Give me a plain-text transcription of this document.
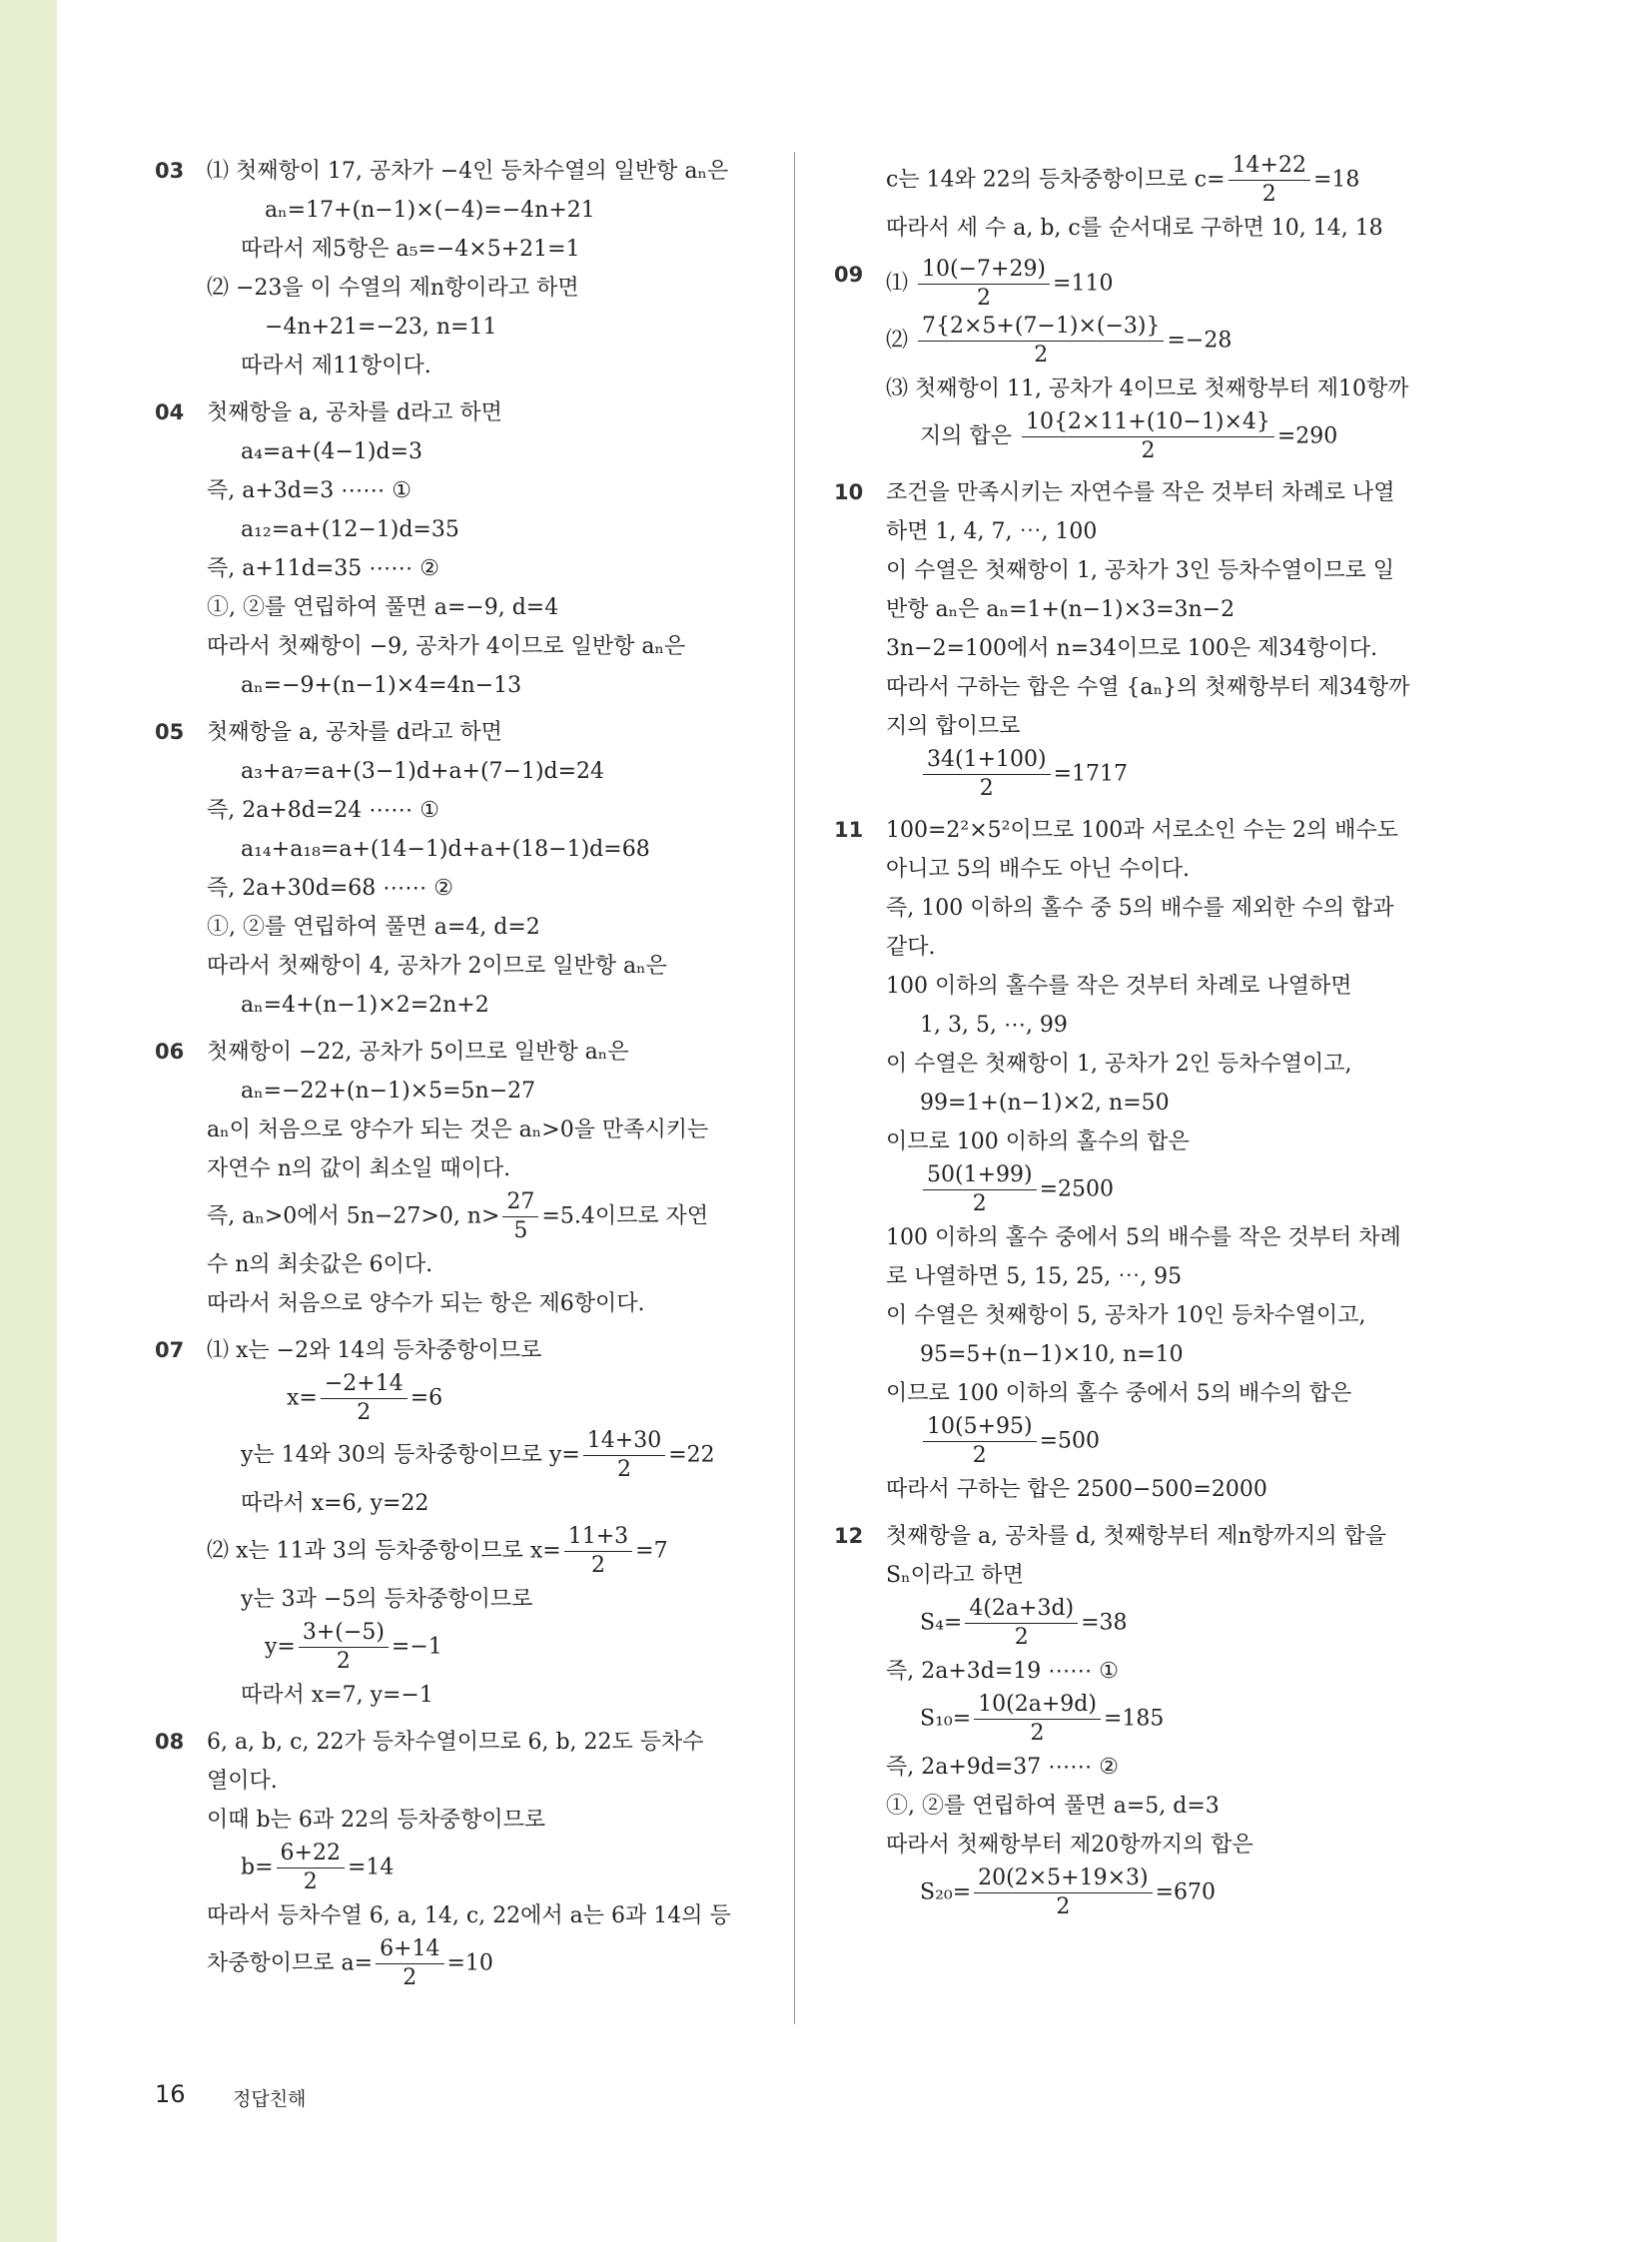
03 ⑴ 첫째항이 17, 공차가 −4인 등차수열의 일반항 aₙ은
aₙ=17+(n−1)×(−4)=−4n+21
따라서 제5항은 a₅=−4×5+21=1
⑵ −23을 이 수열의 제n항이라고 하면
−4n+21=−23, n=11
따라서 제11항이다.
04 첫째항을 a, 공차를 d라고 하면
a₄=a+(4−1)d=3
즉, a+3d=3 ⋯⋯ ①
a₁₂=a+(12−1)d=35
즉, a+11d=35 ⋯⋯ ②
①, ②를 연립하여 풀면 a=−9, d=4
따라서 첫째항이 −9, 공차가 4이므로 일반항 aₙ은
aₙ=−9+(n−1)×4=4n−13
05 첫째항을 a, 공차를 d라고 하면
a₃+a₇=a+(3−1)d+a+(7−1)d=24
즉, 2a+8d=24 ⋯⋯ ①
a₁₄+a₁₈=a+(14−1)d+a+(18−1)d=68
즉, 2a+30d=68 ⋯⋯ ②
①, ②를 연립하여 풀면 a=4, d=2
따라서 첫째항이 4, 공차가 2이므로 일반항 aₙ은
aₙ=4+(n−1)×2=2n+2
06 첫째항이 −22, 공차가 5이므로 일반항 aₙ은
aₙ=−22+(n−1)×5=5n−27
aₙ이 처음으로 양수가 되는 것은 aₙ>0을 만족시키는
자연수 n의 값이 최소일 때이다.
즉, aₙ>0에서 5n−27>0, $n> \frac{27}{5} =5.4$이므로 자연
수 n의 최솟값은 6이다.
따라서 처음으로 양수가 되는 항은 제6항이다.
07 ⑴ x는 −2와 14의 등차중항이므로
$x= \frac{-2+14}{2} =6$
y는 14와 30의 등차중항이므로 $y= \frac{14+30}{2} =22$
따라서 x=6, y=22
⑵ x는 11과 3의 등차중항이므로 $x= \frac{11+3}{2} =7$
y는 3과 −5의 등차중항이므로
$y= \frac{3+(-5)}{2} =-1$
따라서 x=7, y=−1
08 6, a, b, c, 22가 등차수열이므로 6, b, 22도 등차수
열이다.
이때 b는 6과 22의 등차중항이므로
$b= \frac{6+22}{2} =14$
따라서 등차수열 6, a, 14, c, 22에서 a는 6과 14의 등
차중항이므로 $a= \frac{6+14}{2} =10$
c는 14와 22의 등차중항이므로 $c= \frac{14+22}{2} =18$
따라서 세 수 a, b, c를 순서대로 구하면 10, 14, 18
09 ⑴ $\frac{10(-7+29)}{2} =110$
⑵ $\frac{7\{2\times 5+(7-1)\times(-3)\}}{2} =-28$
⑶ 첫째항이 11, 공차가 4이므로 첫째항부터 제10항까
지의 합은 $\frac{10\{2\times 11+(10-1)\times 4\}}{2} =290$
10 조건을 만족시키는 자연수를 작은 것부터 차례로 나열
하면 1, 4, 7, ⋯, 100
이 수열은 첫째항이 1, 공차가 3인 등차수열이므로 일
반항 aₙ은 aₙ=1+(n−1)×3=3n−2
3n−2=100에서 n=34이므로 100은 제34항이다.
따라서 구하는 합은 수열 {aₙ}의 첫째항부터 제34항까
지의 합이므로
$\frac{34(1+100)}{2} =1717$
11 100=2²×5²이므로 100과 서로소인 수는 2의 배수도
아니고 5의 배수도 아닌 수이다.
즉, 100 이하의 홀수 중 5의 배수를 제외한 수의 합과
같다.
100 이하의 홀수를 작은 것부터 차례로 나열하면
1, 3, 5, ⋯, 99
이 수열은 첫째항이 1, 공차가 2인 등차수열이고,
99=1+(n−1)×2, n=50
이므로 100 이하의 홀수의 합은
$\frac{50(1+99)}{2} =2500$
100 이하의 홀수 중에서 5의 배수를 작은 것부터 차례
로 나열하면 5, 15, 25, ⋯, 95
이 수열은 첫째항이 5, 공차가 10인 등차수열이고,
95=5+(n−1)×10, n=10
이므로 100 이하의 홀수 중에서 5의 배수의 합은
$\frac{10(5+95)}{2} =500$
따라서 구하는 합은 2500−500=2000
12 첫째항을 a, 공차를 d, 첫째항부터 제n항까지의 합을
Sₙ이라고 하면
$S_4= \frac{4(2a+3d)}{2} =38$
즉, 2a+3d=19 ⋯⋯ ①
$S_{10}= \frac{10(2a+9d)}{2} =185$
즉, 2a+9d=37 ⋯⋯ ②
①, ②를 연립하여 풀면 a=5, d=3
따라서 첫째항부터 제20항까지의 합은
$S_{20}= \frac{20(2\times 5+19\times 3)}{2} =670$
16 정답친해
